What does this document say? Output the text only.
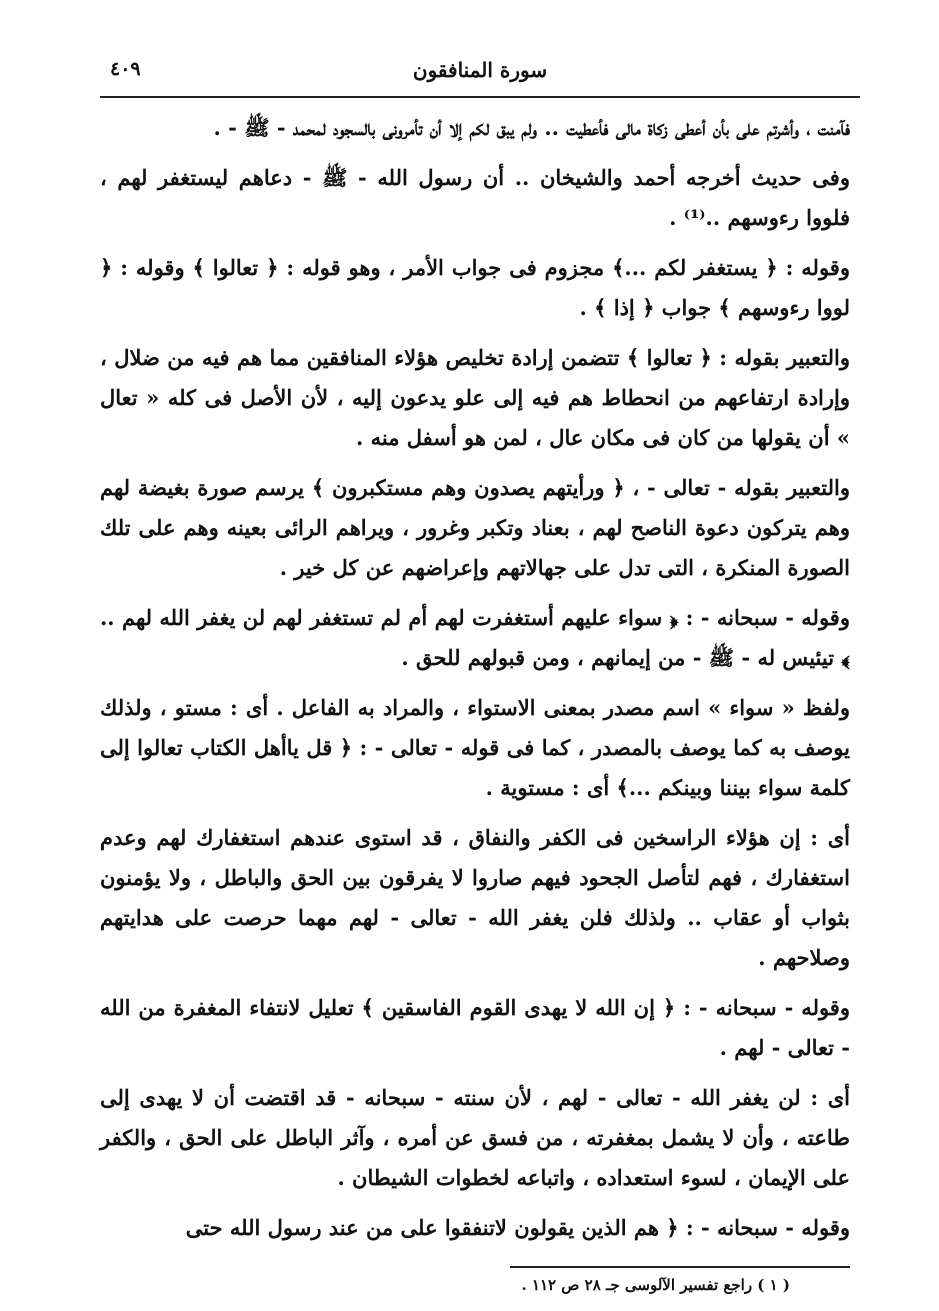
سورة المنافقون
٤٠٩

فآمنت ، وأشرتم على بأن أعطى زكاة مالى فأعطيت .. ولم يبق لكم إلا أن تأمرونى بالسجود لمحمد - ﷺ - .

وفى حديث أخرجه أحمد والشيخان .. أن رسول الله - ﷺ - دعاهم ليستغفر لهم ، فلووا رءوسهم ..⁽¹⁾ .

وقوله : ﴿ يستغفر لكم ...﴾ مجزوم فى جواب الأمر ، وهو قوله : ﴿ تعالوا ﴾ وقوله : ﴿ لووا رءوسهم ﴾ جواب ﴿ إذا ﴾ .

والتعبير بقوله : ﴿ تعالوا ﴾ تتضمن إرادة تخليص هؤلاء المنافقين مما هم فيه من ضلال ، وإرادة ارتفاعهم من انحطاط هم فيه إلى علو يدعون إليه ، لأن الأصل فى كله « تعال » أن يقولها من كان فى مكان عال ، لمن هو أسفل منه .

والتعبير بقوله - تعالى - ، ﴿ ورأيتهم يصدون وهم مستكبرون ﴾ يرسم صورة بغيضة لهم وهم يتركون دعوة الناصح لهم ، بعناد وتكبر وغرور ، ويراهم الرائى بعينه وهم على تلك الصورة المنكرة ، التى تدل على جهالاتهم وإعراضهم عن كل خير .

وقوله - سبحانه - : ﴿ سواء عليهم أستغفرت لهم أم لم تستغفر لهم لن يغفر الله لهم .. ﴾ تيئيس له - ﷺ - من إيمانهم ، ومن قبولهم للحق .

ولفظ « سواء » اسم مصدر بمعنى الاستواء ، والمراد به الفاعل . أى : مستو ، ولذلك يوصف به كما يوصف بالمصدر ، كما فى قوله - تعالى - : ﴿ قل ياأهل الكتاب تعالوا إلى كلمة سواء بيننا وبينكم ...﴾ أى : مستوية .

أى : إن هؤلاء الراسخين فى الكفر والنفاق ، قد استوى عندهم استغفارك لهم وعدم استغفارك ، فهم لتأصل الجحود فيهم صاروا لا يفرقون بين الحق والباطل ، ولا يؤمنون بثواب أو عقاب .. ولذلك فلن يغفر الله - تعالى - لهم مهما حرصت على هدايتهم وصلاحهم .

وقوله - سبحانه - : ﴿ إن الله لا يهدى القوم الفاسقين ﴾ تعليل لانتفاء المغفرة من الله - تعالى - لهم .

أى : لن يغفر الله - تعالى - لهم ، لأن سنته - سبحانه - قد اقتضت أن لا يهدى إلى طاعته ، وأن لا يشمل بمغفرته ، من فسق عن أمره ، وآثر الباطل على الحق ، والكفر على الإيمان ، لسوء استعداده ، واتباعه لخطوات الشيطان .

وقوله - سبحانه - : ﴿ هم الذين يقولون لاتنفقوا على من عند رسول الله حتى

( ١ ) راجع تفسير الآلوسى جـ ٢٨ ص ١١٢ .
